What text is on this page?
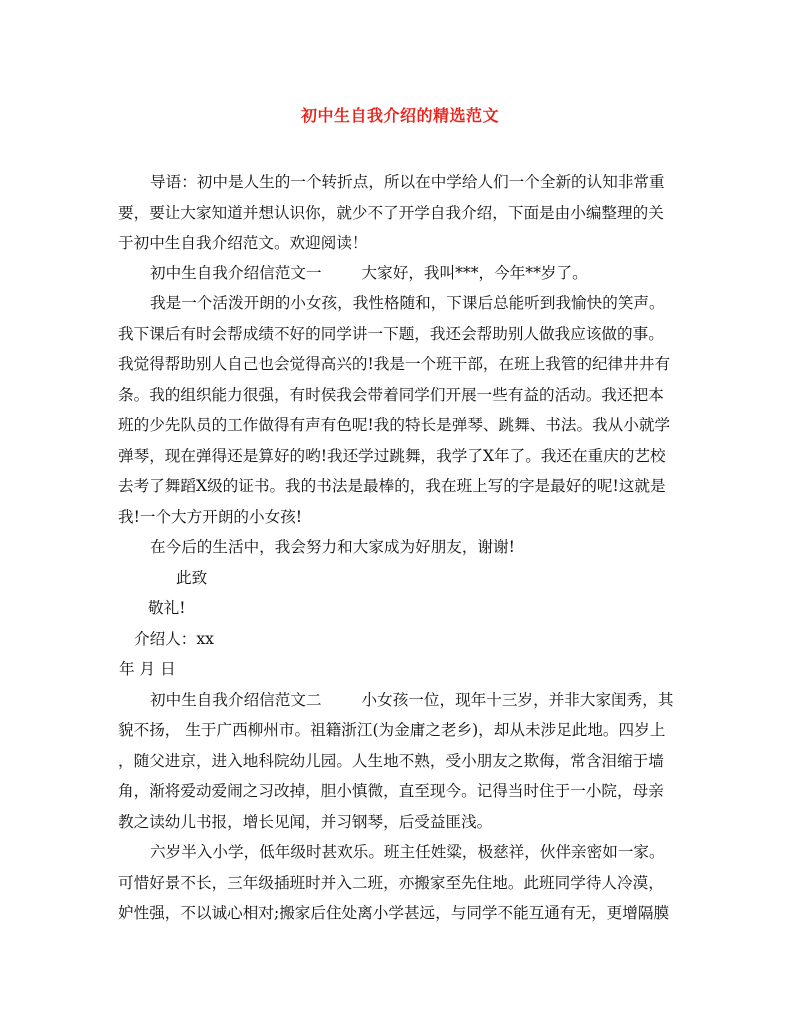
初中生自我介绍的精选范文
导语：初中是人生的一个转折点，所以在中学给人们一个全新的认知非常重
要，要让大家知道并想认识你，就少不了开学自我介绍，下面是由小编整理的关
于初中生自我介绍范文。欢迎阅读！
初中生自我介绍信范文一	大家好，我叫***，今年**岁了。
我是一个活泼开朗的小女孩，我性格随和，下课后总能听到我愉快的笑声。
我下课后有时会帮成绩不好的同学讲一下题，我还会帮助别人做我应该做的事。
我觉得帮助别人自己也会觉得高兴的!我是一个班干部，在班上我管的纪律井井有
条。我的组织能力很强，有时侯我会带着同学们开展一些有益的活动。我还把本
班的少先队员的工作做得有声有色呢!我的特长是弹琴、跳舞、书法。我从小就学
弹琴，现在弹得还是算好的哟!我还学过跳舞，我学了X年了。我还在重庆的艺校
去考了舞蹈X级的证书。我的书法是最棒的，我在班上写的字是最好的呢!这就是
我!一个大方开朗的小女孩!
在今后的生活中，我会努力和大家成为好朋友，谢谢!
此致
敬礼!
介绍人：xx
年 月 日
初中生自我介绍信范文二	小女孩一位，现年十三岁，并非大家闺秀，其
貌不扬， 生于广西柳州市。祖籍浙江(为金庸之老乡)，却从未涉足此地。四岁上
，随父进京，进入地科院幼儿园。人生地不熟，受小朋友之欺侮，常含泪缩于墙
角，渐将爱动爱闹之习改掉，胆小慎微，直至现今。记得当时住于一小院，母亲
教之读幼儿书报，增长见闻，并习钢琴，后受益匪浅。
六岁半入小学，低年级时甚欢乐。班主任姓粱，极慈祥，伙伴亲密如一家。
可惜好景不长，三年级插班时并入二班，亦搬家至先住地。此班同学待人冷漠，
妒性强，不以诚心相对;搬家后住处离小学甚远，与同学不能互通有无，更增隔膜
